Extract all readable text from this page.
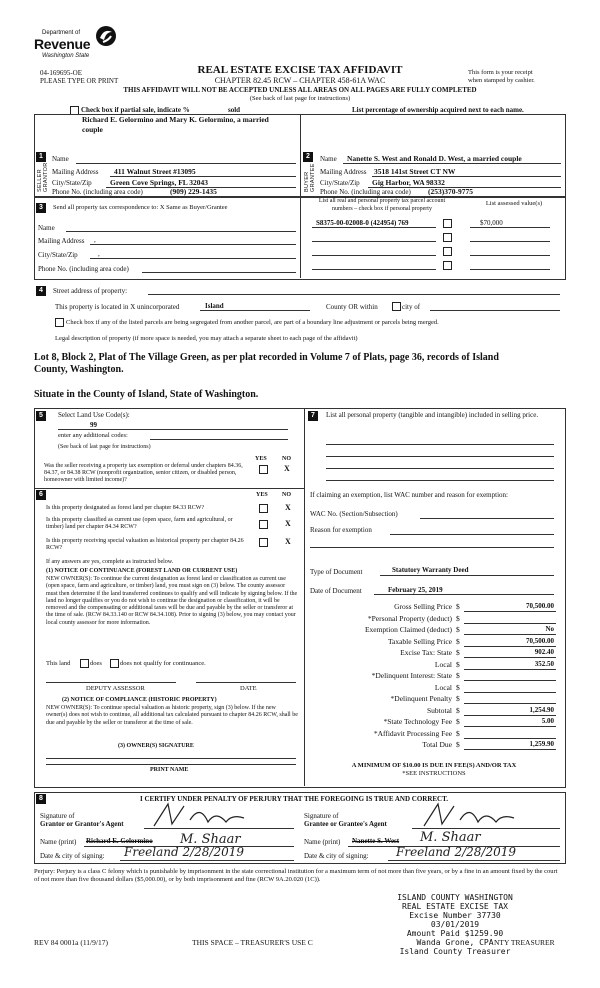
Department of
Revenue
Washington State
04-169695-OE
PLEASE TYPE OR PRINT
REAL ESTATE EXCISE TAX AFFIDAVIT
CHAPTER 82.45 RCW – CHAPTER 458-61A WAC
THIS AFFIDAVIT WILL NOT BE ACCEPTED UNLESS ALL AREAS ON ALL PAGES ARE FULLY COMPLETED
(See back of last page for instructions)
This form is your receipt
when stamped by cashier.
Check box if partial sale, indicate %	sold	List percentage of ownership acquired next to each name.
1
SELLER GRANTOR
Name
Richard E. Gelormino and Mary K. Gelormino, a married couple
Mailing Address 411 Walnut Street #13095
City/State/Zip Green Cove Springs, FL 32043
Phone No. (including area code)	(909) 229-1435
2
BUYER GRANTEE
Name Nanette S. West and Ronald D. West, a married couple
Mailing Address 3518 141st Street CT NW
City/State/Zip Gig Harbor, WA 98332
Phone No. (including area code) (253)370-9775
3	Send all property tax correspondence to: X Same as Buyer/Grantee
Name
Mailing Address ,
City/State/Zip	,
Phone No. (including area code)
List all real and personal property tax parcel account
numbers – check box if personal property
List assessed value(s)
S8375-00-02008-0 (424954) 769	$70,000
4	Street address of property:
This property is located in X unincorporated	Island	County OR within	city of
Check box if any of the listed parcels are being segregated from another parcel, are part of a boundary line adjustment or parcels being merged.
Legal description of property (if more space is needed, you may attach a separate sheet to each page of the affidavit)
Lot 8, Block 2, Plat of The Village Green, as per plat recorded in Volume 7 of Plats, page 36, records of Island
County, Washington.
Situate in the County of Island, State of Washington.
5	Select Land Use Code(s):
99
enter any additional codes:
(See back of last page for instructions)
YES	NO
Was the seller receiving a property tax exemption or deferral under chapters 84.36, 84.37, or 84.38 RCW (nonprofit organization, senior citizen, or disabled person, homeowner with limited income)?
X
6	YES NO
Is this property designated as forest land per chapter 84.33 RCW?	X
Is this property classified as current use (open space, farm and agricultural, or timber) land per chapter 84.34 RCW?	X
Is this property receiving special valuation as historical property per chapter 84.26 RCW?
X
If any answers are yes, complete as instructed below.
(1) NOTICE OF CONTINUANCE (FOREST LAND OR CURRENT USE)
NEW OWNER(S): To continue the current designation as forest land or classification as current use (open space, farm and agriculture, or timber) land, you must sign on (3) below. The county assessor must then determine if the land transferred continues to qualify and will indicate by signing below. If the land no longer qualifies or you do not wish to continue the designation or classification, it will be removed and the compensating or additional taxes will be due and payable by the seller or transferor at the time of sale. (RCW 84.33.140 or RCW 84.34.108). Prior to signing (3) below, you may contact your local county assessor for more information.
This land	does	does not qualify for continuance.
DEPUTY ASSESSOR	DATE
(2) NOTICE OF COMPLIANCE (HISTORIC PROPERTY)
NEW OWNER(S): To continue special valuation as historic property, sign (3) below. If the new owner(s) does not wish to continue, all additional tax calculated pursuant to chapter 84.26 RCW, shall be due and payable by the seller or transferor at the time of sale.
(3) OWNER(S) SIGNATURE
PRINT NAME
7	List all personal property (tangible and intangible) included in selling price.
If claiming an exemption, list WAC number and reason for exemption:
WAC No. (Section/Subsection)
Reason for exemption
Type of Document	Statutory Warranty Deed
Date of Document	February 25, 2019
Gross Selling Price $	70,500.00
*Personal Property (deduct) $
Exemption Claimed (deduct) $	No
Taxable Selling Price $	70,500.00
Excise Tax: State $	902.40
Local $	352.50
*Delinquent Interest: State $
Local $
*Delinquent Penalty $
Subtotal $	1,254.90
*State Technology Fee $	5.00
*Affidavit Processing Fee $
Total Due $	1,259.90
A MINIMUM OF $10.00 IS DUE IN FEE(S) AND/OR TAX
*SEE INSTRUCTIONS
8	I CERTIFY UNDER PENALTY OF PERJURY THAT THE FOREGOING IS TRUE AND CORRECT.
Signature of
Grantor or Grantor's Agent
Name (print) Richard E. Gelormino M. Shaar
Date & city of signing: Freeland 2/28/2019
Signature of
Grantee or Grantee's Agent
Name (print) Nanette S. West M. Shaar
Date & city of signing: Freeland 2/28/2019
Perjury: Perjury is a class C felony which is punishable by imprisonment in the state correctional institution for a maximum term of not more than five years, or by a fine in an amount fixed by the court of not more than five thousand dollars ($5,000.00), or by both imprisonment and fine (RCW 9A.20.020 (1C)).
ISLAND COUNTY WASHINGTON
REAL ESTATE EXCISE TAX
Excise Number 37730
03/01/2019
Amount Paid $1259.90
Wanda Grone, CPA
Island County Treasurer
REV 84 0001a (11/9/17)	THIS SPACE – TREASURER'S USE C	NTY TREASURER
